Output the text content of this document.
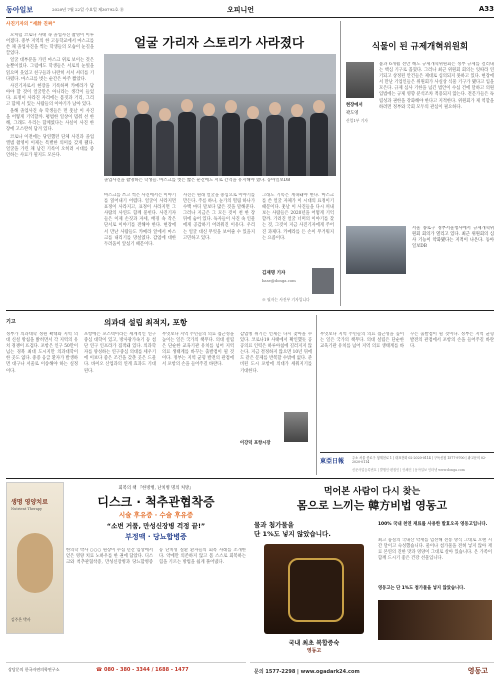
동아일보	2020년 7월 22일 수요일 제30792호 Ⓑ	오피니언	A33
사진기자의 “세計 진짜”

모처럼 코로나 사태 속 졸업사진 촬영이 이루어졌다. 중부 지역의 한 고등학교에서 마스크를 쓴 채 졸업사진을 찍는 학생들의 모습이 눈길을 끌었다.

얼굴 대부분을 가린 마스크 위로 보이는 것은 눈뿐이었다. 그럼에도 학생들은 서로의 눈빛을 읽으며 웃었고 친구들과 나란히 서서 셔터를 기다렸다. 마스크를 벗는 순간은 아주 짧았다.

사진기자로서 현장을 기록하며 카메라가 담아야 할 것이 얼굴만은 아니라는 생각이 들었다. 표정이 사라진 자리에는 몸짓과 거리, 그리고 함께 서 있는 사람들의 이야기가 남아 있다.

올해 졸업사진 속 학생들은 먼 훗날 이 사진을 어떻게 기억할까. 평범한 일상이 멈춰 선 한 해, 그래도 우리는 함께였다는 사실이 사진 한 장에 고스란히 담겨 있다.

코로나 이전에는 당연했던 단체 사진과 졸업 앨범 촬영이 이제는 특별한 의미를 갖게 됐다. 얼굴을 가린 채 남긴 기록이 오히려 시대를 증언하는 사료가 될지도 모른다.

얼굴 가리자 스토리가 사라졌다
졸업사진을 촬영하는 학생들. 마스크를 벗는 짧은 순간에도 서로 간격을 유지해야 했다. 동아일보DB
마스크를 쓰고 찍은 사진에서는 이야기를 읽어내기 어렵다. 얼굴이 사라지면 표정이 사라지고, 표정이 사라지면 그 사람의 사연도 함께 묻힌다. 사진기자들은 이제 손짓과 자세, 배경 속 작은 단서로 이야기를 전해야 한다. 현장에서 만난 사람들도 카메라 앞에서 마스크를 내리기를 망설였다. 감염에 대한 두려움이 앞섰기 때문이다.
사진은 원래 얼굴을 중심으로 이야기를 만든다. 주름 하나, 눈가의 떨림 하나가 수백 마디 말보다 많은 것을 말해준다. 그러나 지금은 그 모든 것이 천 한 장 뒤에 숨어 있다. 독자들이 사진 속 인물에게 공감하기 어려워진 이유다. 우리는 얼굴 대신 무엇을 보여줄 수 있을지 고민하고 있다.
그래도 기록은 계속돼야 한다. 마스크를 쓴 얼굴 자체가 이 시대의 표정이기 때문이다. 훗날 이 사진들을 다시 꺼내 보는 사람들은 2020년을 어떻게 기억할까. 가려진 얼굴 너머의 이야기를 찾는 것, 그것이 지금 사진기자에게 주어진 과제다. 카메라를 든 손이 무거워지는 요즘이다.
김재명 기자
base@donga.com
※ 필자는 사진부 기자입니다
식물이 된 규제개혁위원회
현장에서
곽도영
산업1부 기자
불과 6개월 전만 해도 규제개혁위원회는 정부 규제를 걸러내는 핵심 기구로 꼽혔다. 그러나 최근 위원회 회의는 잇따라 연기되고 상정된 안건들은 제대로 심의되지 못하고 있다. 현장에서 만난 기업인들은 위원회가 사실상 식물 기구가 됐다고 입을 모은다. 규제 심사 기한을 넘긴 법안이 수십 건에 달하고 의원 입법에는 규제 영향 분석조차 적용되지 않는다. 전문가들은 독립성과 권한을 강화해야 한다고 지적한다. 위원회가 제 역할을 하려면 정부와 국회 모두의 관심이 필요하다.
서울 종로구 정부서울청사에서 규제개혁위원회 회의가 열리고 있다. 최근 위원회의 심사 기능이 약화됐다는 지적이 나온다. 동아일보DB
기고	의과대 설립 최적지, 포항
정부가 의과대학 정원 확대와 지역 의대 신설 방침을 밝히면서 각 지역의 유치 경쟁이 뜨겁다. 포항은 인구 50만이 넘는 경북 최대 도시지만 의과대학이 한 곳도 없다. 중증 응급 환자가 발생하면 대구나 서울로 이송해야 하는 실정이다.
포항에는 포스텍이라는 세계적인 연구중심 대학이 있고, 방사광가속기 등 첨단 연구 인프라가 집적돼 있다. 의과학자를 양성하는 연구중심 의대를 세우기에 이보다 좋은 조건을 갖춘 곳은 드물다. 바이오 산업과의 연계 효과도 기대된다.
무엇보다 지역 주민들의 의료 접근성을 높이는 일은 국가의 책무다. 의대 설립은 단순한 교육기관 유치를 넘어 지역 의료 생태계를 바꾸는 출발점이 될 것이다. 정부는 지역 균형 발전의 관점에서 포항의 손을 들어주길 바란다.
감염병 위기는 언제든 다시 찾아올 수 있다. 코로나19 사태에서 확인했듯 공공의료 인력은 하루아침에 길러지지 않는다. 지금 결정하지 않으면 10년 뒤에도 같은 문제를 반복할 수밖에 없다. 준비된 도시 포항에 의대가 세워지기를 기대한다.
이강덕 포항시장
東亞日報 주소 서울 종로구 청계천로 1 | 대표전화 02-2020-0114 | 구독신청 1577-9700 | 광고문의 02-2020-0114
신문사업등록번호 | 발행인·편집인 | 인쇄인 | 동아일보 인터넷 www.donga.com
무엇보다 지역 주민들의 의료 접근성을 높이는 일은 국가의 책무다. 의대 설립은 단순한 교육기관 유치를 넘어 지역 의료 생태계를 바꾸는 출발점이 될 것이다. 정부는 지역 균형 발전의 관점에서 포항의 손을 들어주길 바란다.
회복의 책 『한방병, 난치병 명의 처방』
디스크 · 척추관협착증
시술 후유증 · 수술 후유증
“소변 거품, 만성신장병 걱정 끝!”
부정맥 · 당뇨합병증
생명 영양치료
Nutrient Therapy
김주은 박사
한의학 박사 ○○○ 원장이 수십 년간 임상에서 얻은 영양 치료 노하우를 한 권에 담았다. 디스크와 척추관협착증, 만성신장병과 당뇨합병증 등 난치성 질환 환자들의 회복 사례를 소개한다. 약에만 의존하지 않고 몸 스스로 회복하는 힘을 기르는 방법을 쉽게 풀어냈다.
상담문의 한국자연의학연구소	☎ 080 - 380 - 3344 / 1688 - 1477
먹어본 사람이 다시 찾는
몸으로 느끼는 韓方비법 영동고
물과 첨가물을
단 1%도 넣지 않았습니다.
국내 최초 복합증숙
영동고
100% 국내 천연 재료를 사용한 발효오곡 영동고입니다.
최고 품질의 국내산 약재를 엄선해 전통 방식 그대로 오랜 시간 달이고 숙성했습니다. 물이나 첨가물을 전혀 넣지 않아 재료 본연의 진한 맛과 영양이 그대로 살아 있습니다. 온 가족이 함께 드시기 좋은 건강 선물입니다.
영동고는 단 1%도 첨가물을 넣지 않았습니다.
문의 1577-2298 | www.ogadark24.com	영동고
